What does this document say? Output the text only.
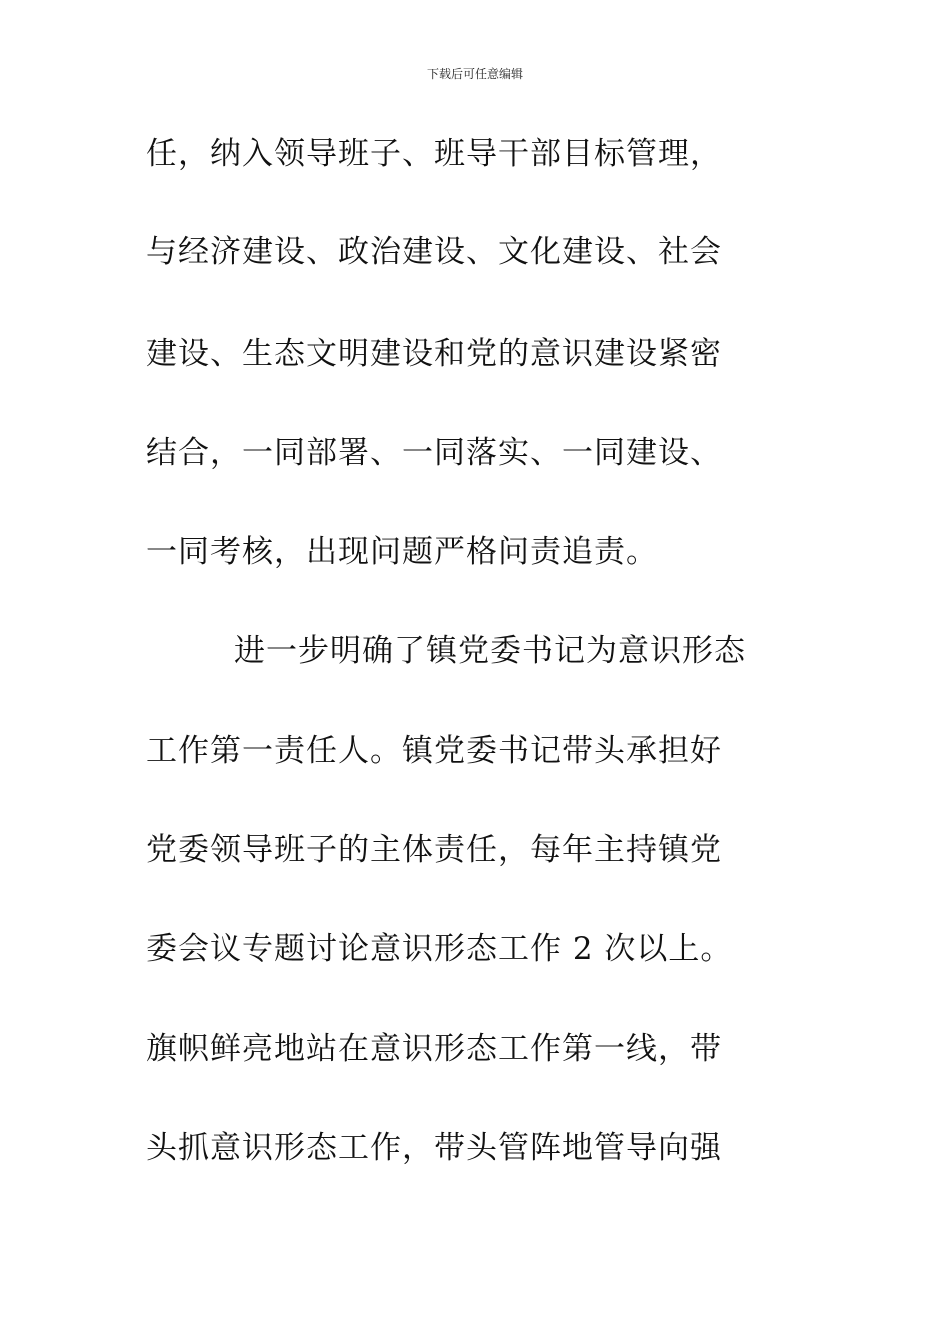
下载后可任意编辑
任，纳入领导班子、班导干部目标管理，
与经济建设、政治建设、文化建设、社会
建设、生态文明建设和党的意识建设紧密
结合，一同部署、一同落实、一同建设、
一同考核，出现问题严格问责追责。
进一步明确了镇党委书记为意识形态
工作第一责任人。镇党委书记带头承担好
党委领导班子的主体责任，每年主持镇党
委会议专题讨论意识形态工作 2 次以上。
旗帜鲜亮地站在意识形态工作第一线，带
头抓意识形态工作，带头管阵地管导向强
